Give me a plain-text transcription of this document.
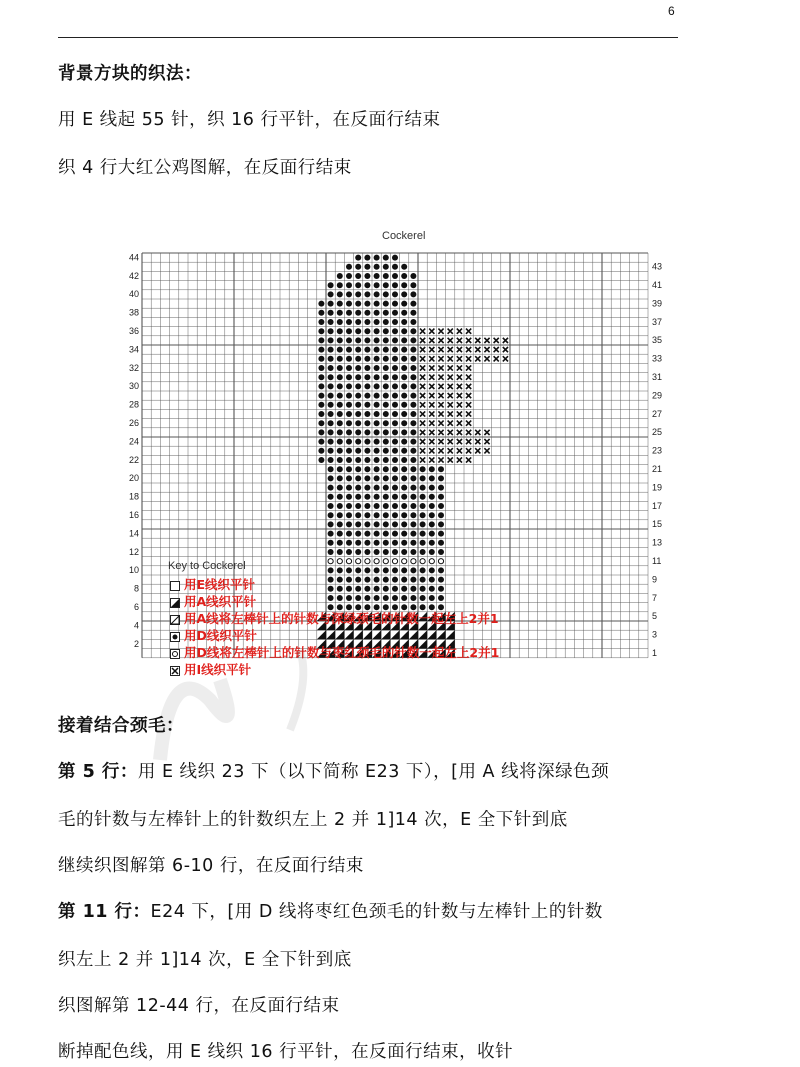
6
背景方块的织法：
用 E 线起 55 针，织 16 行平针，在反面行结束
织 4 行大红公鸡图解，在反面行结束
Cockerel
44
42
40
38
36
34
32
30
28
26
24
22
20
18
16
14
12
10
8
6
4
2
43
41
39
37
35
33
31
29
27
25
23
21
19
17
15
13
11
9
7
5
3
1
Key to Cockerel
用E线织平针
用A线织平针
用A线将左棒针上的针数与深绿颈毛的针数一起左上2并1
用D线织平针
用D线将左棒针上的针数与枣红颈毛的针数一起左上2并1
用I线织平针
接着结合颈毛：
第 5 行：用 E 线织 23 下（以下简称 E23 下），[用 A 线将深绿色颈
毛的针数与左棒针上的针数织左上 2 并 1]14 次，E 全下针到底
继续织图解第 6-10 行，在反面行结束
第 11 行：E24 下，[用 D 线将枣红色颈毛的针数与左棒针上的针数
织左上 2 并 1]14 次，E 全下针到底
织图解第 12-44 行，在反面行结束
断掉配色线，用 E 线织 16 行平针，在反面行结束，收针
